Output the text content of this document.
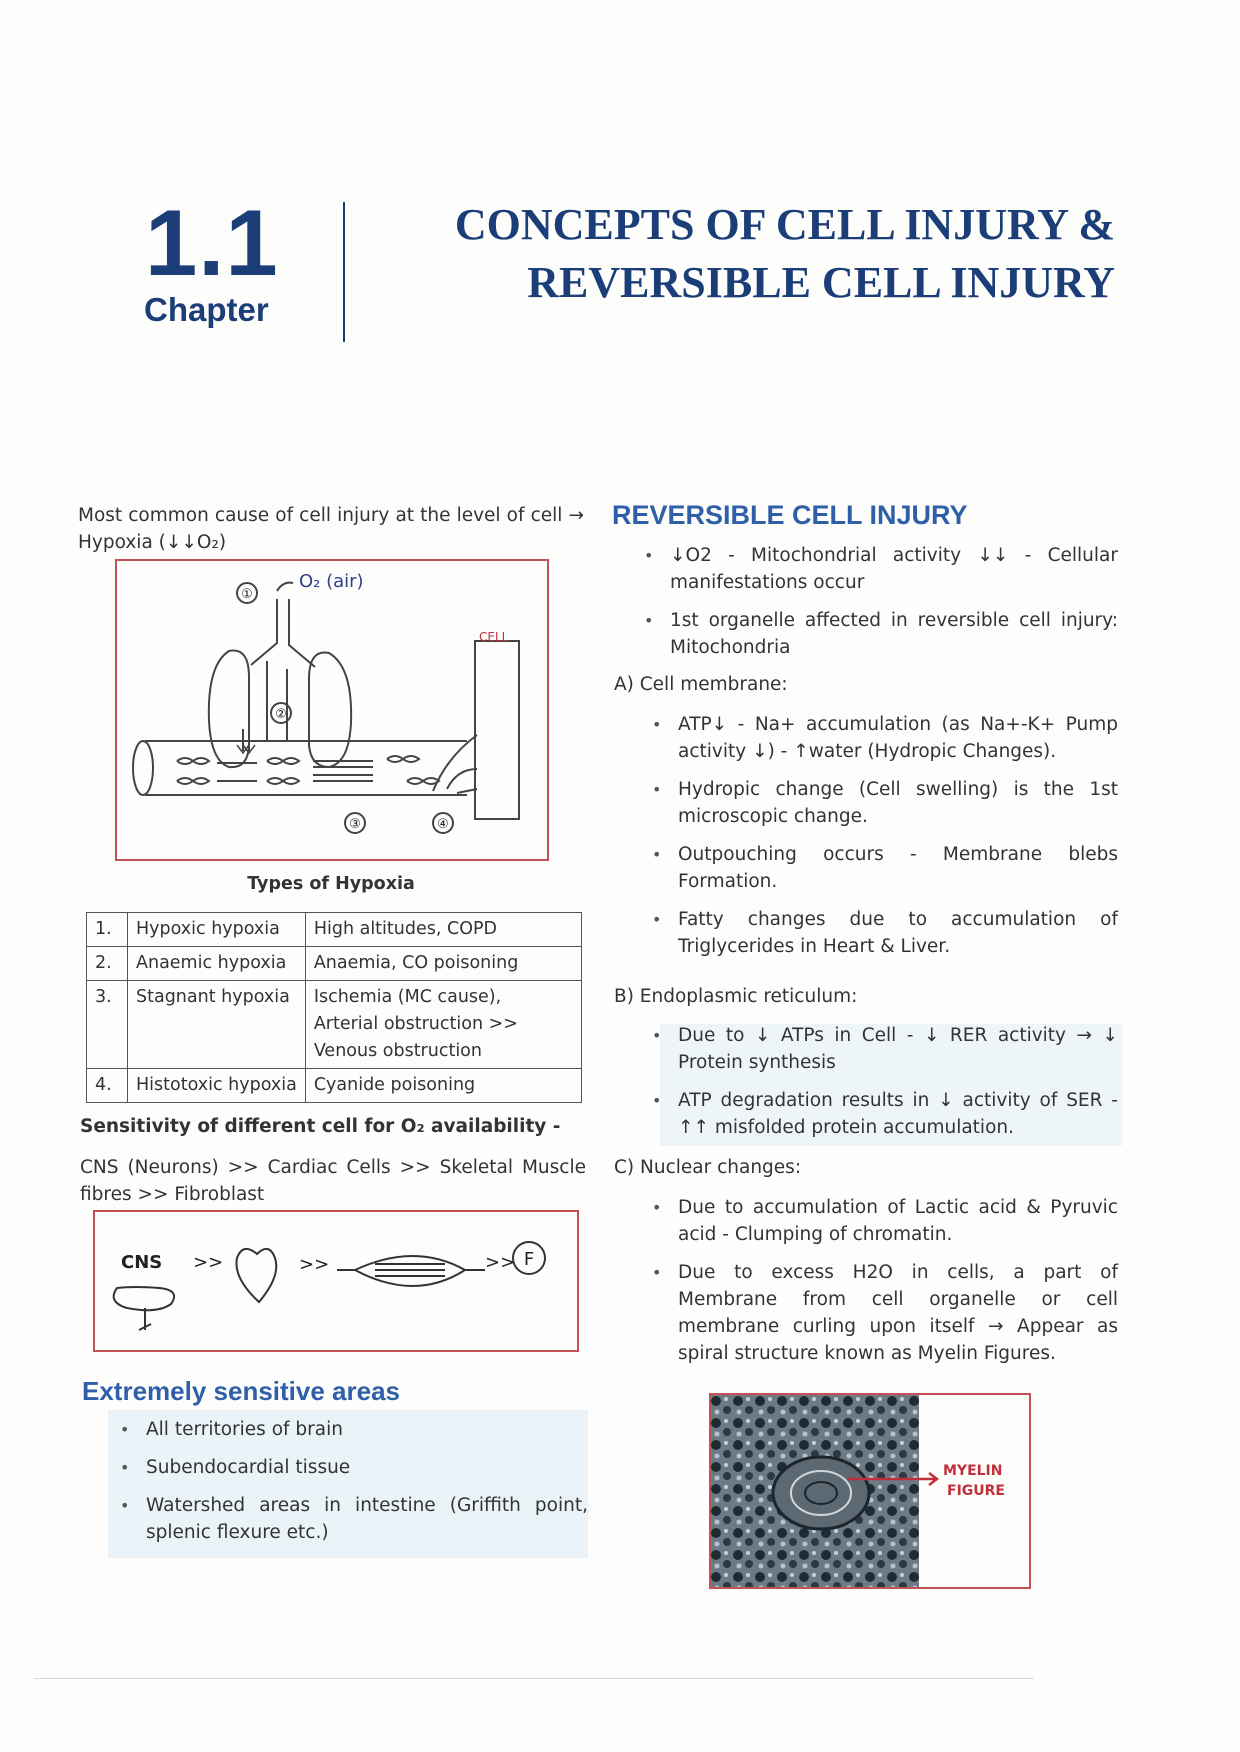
1.1
Chapter
CONCEPTS OF CELL INJURY &
REVERSIBLE CELL INJURY
Most common cause of cell injury at the level of cell → Hypoxia (↓↓O₂)
①
②
③	④
O₂ (air)
CELL
Types of Hypoxia
1.	Hypoxic hypoxia	High altitudes, COPD
2.	Anaemic hypoxia	Anaemia, CO poisoning
3.	Stagnant hypoxia	Ischemia (MC cause),
Arterial obstruction >>
Venous obstruction

4.	Histotoxic hypoxia	Cyanide poisoning
Sensitivity of different cell for O₂ availability -
CNS (Neurons) >> Cardiac Cells >> Skeletal Muscle fibres >> Fibroblast
CNS >>	>>	>> F
Extremely sensitive areas
• All territories of brain
• Subendocardial tissue
• Watershed areas in intestine (Griffith point, splenic flexure etc.)
REVERSIBLE CELL INJURY
• ↓O2 - Mitochondrial activity ↓↓ - Cellular manifestations occur
• 1st organelle affected in reversible cell injury: Mitochondria
A) Cell membrane:
• ATP↓ - Na+ accumulation (as Na+-K+ Pump activity ↓) - ↑water (Hydropic Changes).
• Hydropic change (Cell swelling) is the 1st microscopic change.
• Outpouching occurs - Membrane blebs Formation.
• Fatty changes due to accumulation of Triglycerides in Heart & Liver.
B) Endoplasmic reticulum:
• Due to ↓ ATPs in Cell - ↓ RER activity → ↓ Protein synthesis
• ATP degradation results in ↓ activity of SER - ↑↑ misfolded protein accumulation.
C) Nuclear changes:
• Due to accumulation of Lactic acid & Pyruvic acid - Clumping of chromatin.
• Due to excess H2O in cells, a part of Membrane from cell organelle or cell membrane curling upon itself → Appear as spiral structure known as Myelin Figures.
MYELIN
FIGURE
